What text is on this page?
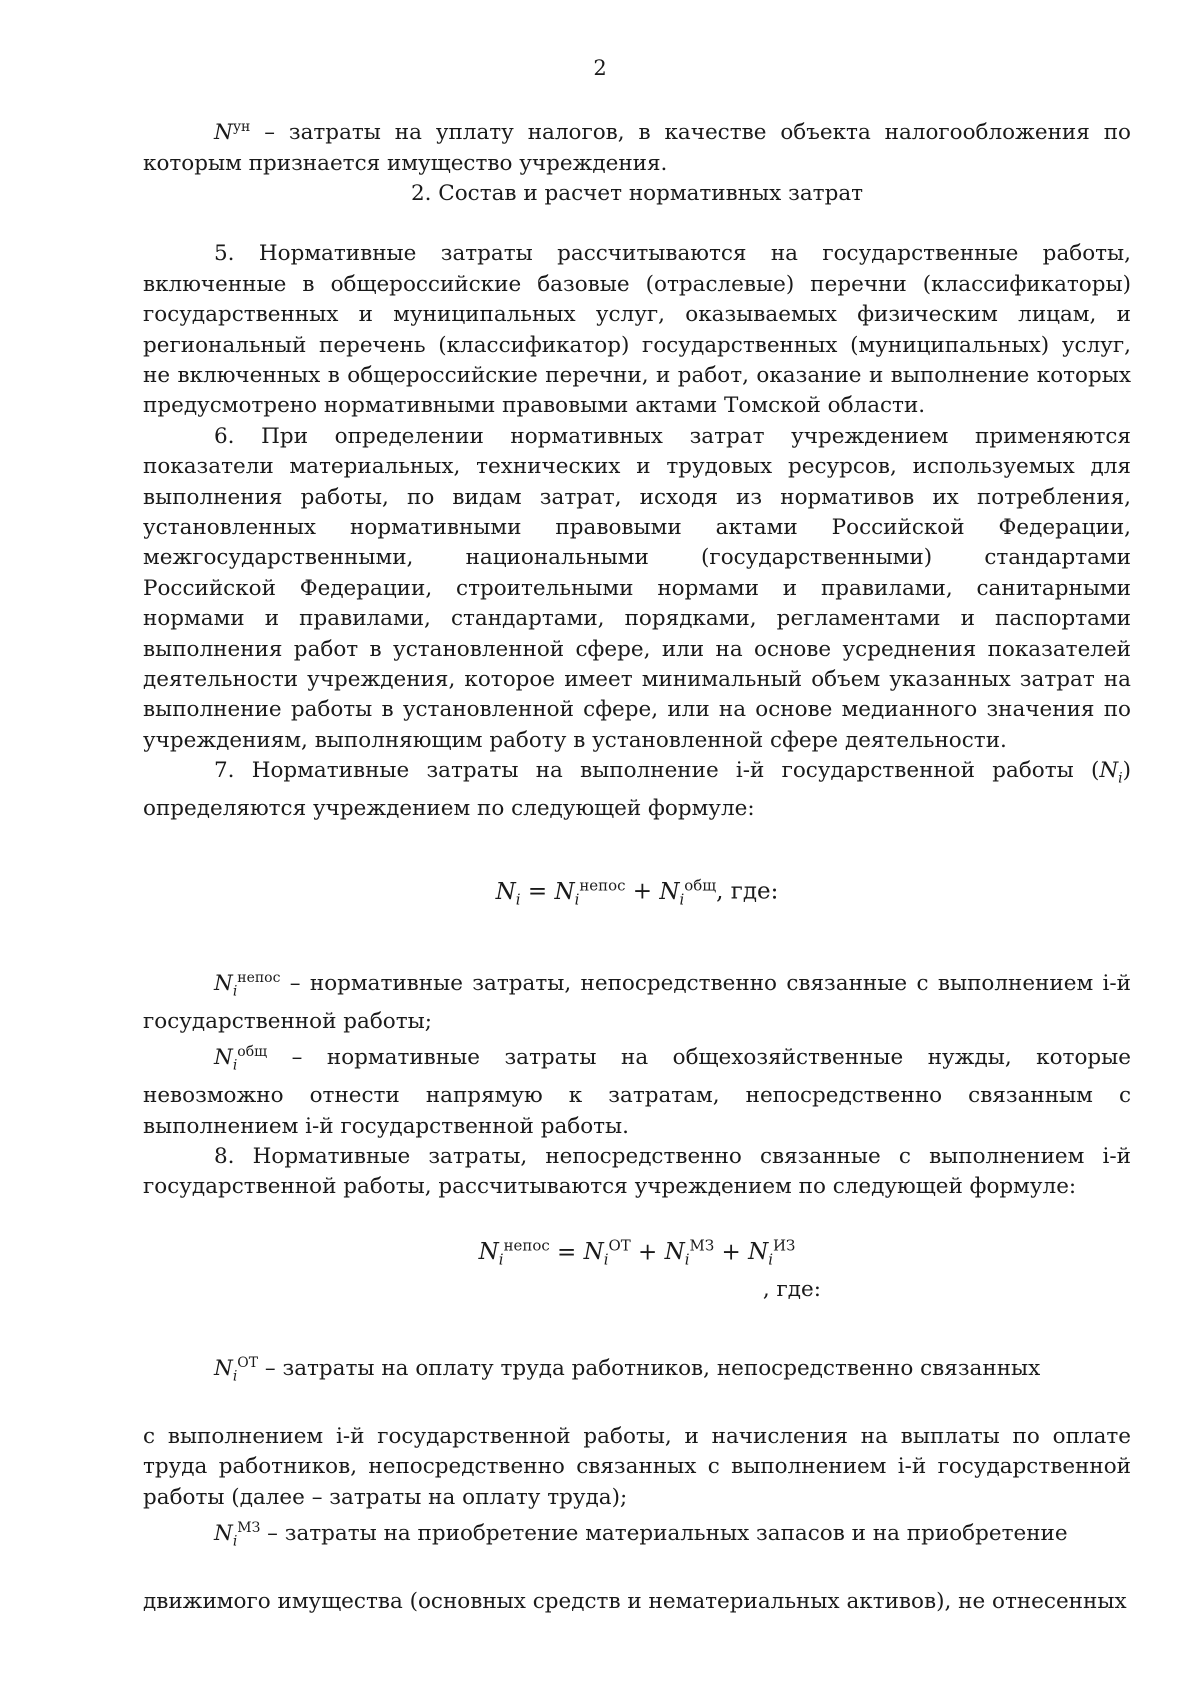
2

$N^{ун}$ – затраты на уплату налогов, в качестве объекта налогообложения по которым признается имущество учреждения.

2. Состав и расчет нормативных затрат

5. Нормативные затраты рассчитываются на государственные работы, включенные в общероссийские базовые (отраслевые) перечни (классификаторы) государственных и муниципальных услуг, оказываемых физическим лицам, и региональный перечень (классификатор) государственных (муниципальных) услуг, не включенных в общероссийские перечни, и работ, оказание и выполнение которых предусмотрено нормативными правовыми актами Томской области.

6. При определении нормативных затрат учреждением применяются показатели материальных, технических и трудовых ресурсов, используемых для выполнения работы, по видам затрат, исходя из нормативов их потребления, установленных нормативными правовыми актами Российской Федерации, межгосударственными, национальными (государственными) стандартами Российской Федерации, строительными нормами и правилами, санитарными нормами и правилами, стандартами, порядками, регламентами и паспортами выполнения работ в установленной сфере, или на основе усреднения показателей деятельности учреждения, которое имеет минимальный объем указанных затрат на выполнение работы в установленной сфере, или на основе медианного значения по учреждениям, выполняющим работу в установленной сфере деятельности.

7. Нормативные затраты на выполнение i-й государственной работы $(N_i)$ определяются учреждением по следующей формуле:

$N_i = N_i^{непос} + N_i^{общ}$, где:

$N_i^{непос}$ – нормативные затраты, непосредственно связанные с выполнением i-й государственной работы;

$N_i^{общ}$ – нормативные затраты на общехозяйственные нужды, которые невозможно отнести напрямую к затратам, непосредственно связанным с выполнением i-й государственной работы.

8. Нормативные затраты, непосредственно связанные с выполнением i-й государственной работы, рассчитываются учреждением по следующей формуле:

$N_i^{непос} = N_i^{ОТ} + N_i^{МЗ} + N_i^{ИЗ}$

, где:

$N_i^{ОТ}$ – затраты на оплату труда работников, непосредственно связанных

с выполнением i-й государственной работы, и начисления на выплаты по оплате труда работников, непосредственно связанных с выполнением i-й государственной работы (далее – затраты на оплату труда);

$N_i^{МЗ}$ – затраты на приобретение материальных запасов и на приобретение

движимого имущества (основных средств и нематериальных активов), не отнесенных
